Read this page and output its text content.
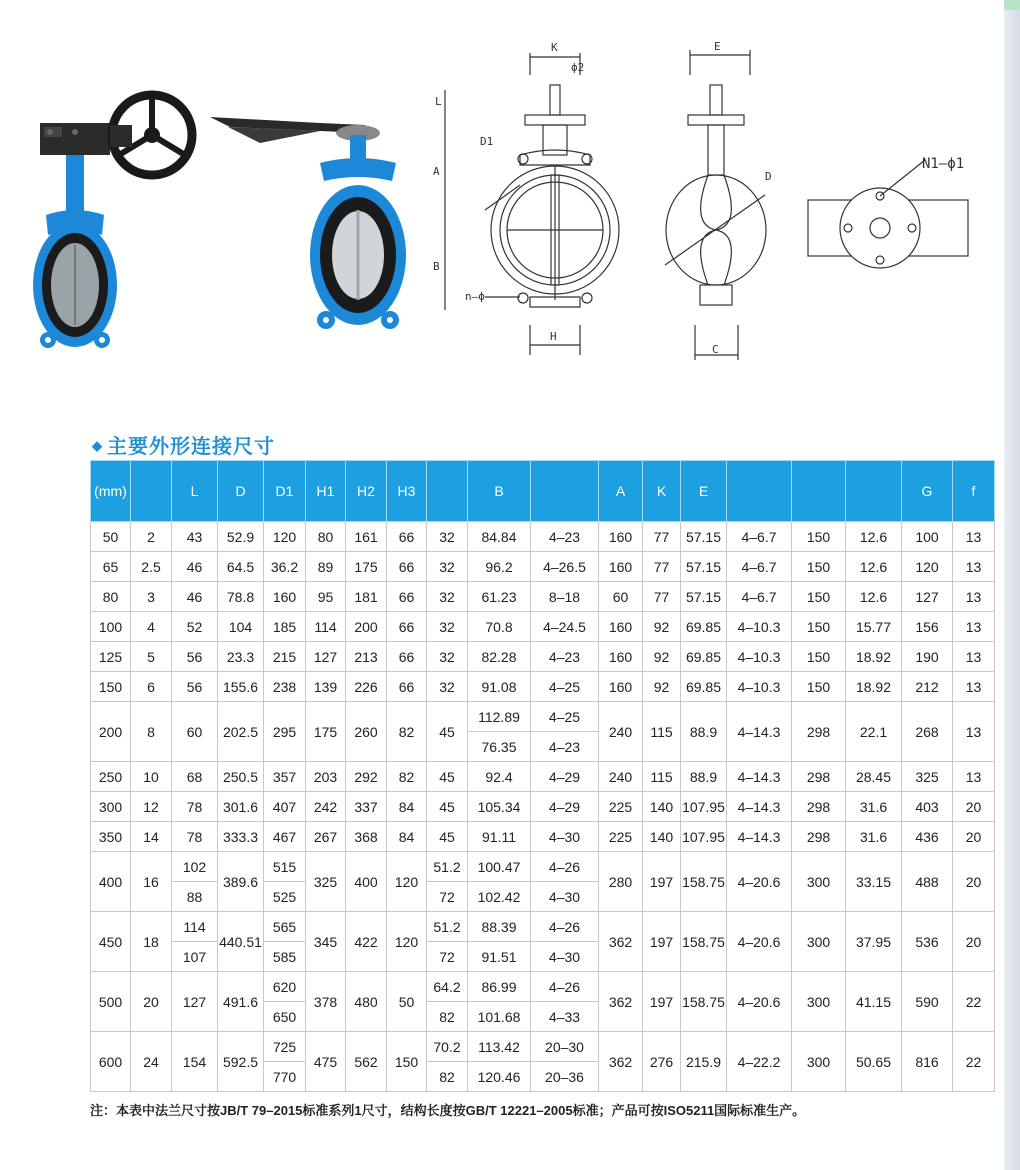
K
ϕ2
L
A
B
D1
n–ϕ
H
E
D
C
N1–ϕ1
◆ 主要外形连接尺寸
(mm)		L	D	D1	H1	H2	H3		B		A	K	E				G	f
50	2	43	52.9	120	80	161	66	32	84.84	4–23	160	77	57.15	4–6.7	150	12.6	100	13
65	2.5	46	64.5	36.2	89	175	66	32	96.2	4–26.5	160	77	57.15	4–6.7	150	12.6	120	13
80	3	46	78.8	160	95	181	66	32	61.23	8–18	60	77	57.15	4–6.7	150	12.6	127	13
100	4	52	104	185	114	200	66	32	70.8	4–24.5	160	92	69.85	4–10.3	150	15.77	156	13
125	5	56	23.3	215	127	213	66	32	82.28	4–23	160	92	69.85	4–10.3	150	18.92	190	13
150	6	56	155.6	238	139	226	66	32	91.08	4–25	160	92	69.85	4–10.3	150	18.92	212	13
200	8	60	202.5	295	175	260	82	45	112.89	4–25	240	115	88.9	4–14.3	298	22.1	268	13
									76.35	4–23								
250	10	68	250.5	357	203	292	82	45	92.4	4–29	240	115	88.9	4–14.3	298	28.45	325	13
300	12	78	301.6	407	242	337	84	45	105.34	4–29	225	140	107.95	4–14.3	298	31.6	403	20
350	14	78	333.3	467	267	368	84	45	91.11	4–30	225	140	107.95	4–14.3	298	31.6	436	20
400	16	102	389.6	515	325	400	120	51.2	100.47	4–26	280	197	158.75	4–20.6	300	33.15	488	20
		88		525				72	102.42	4–30								
450	18	114	440.51	565	345	422	120	51.2	88.39	4–26	362	197	158.75	4–20.6	300	37.95	536	20
		107		585				72	91.51	4–30								
500	20	127	491.6	620	378	480	50	64.2	86.99	4–26	362	197	158.75	4–20.6	300	41.15	590	22
				650				82	101.68	4–33								
600	24	154	592.5	725	475	562	150	70.2	113.42	20–30	362	276	215.9	4–22.2	300	50.65	816	22
				770				82	120.46	20–36								
注：本表中法兰尺寸按JB/T 79–2015标准系列1尺寸，结构长度按GB/T 12221–2005标准；产品可按ISO5211国际标准生产。
